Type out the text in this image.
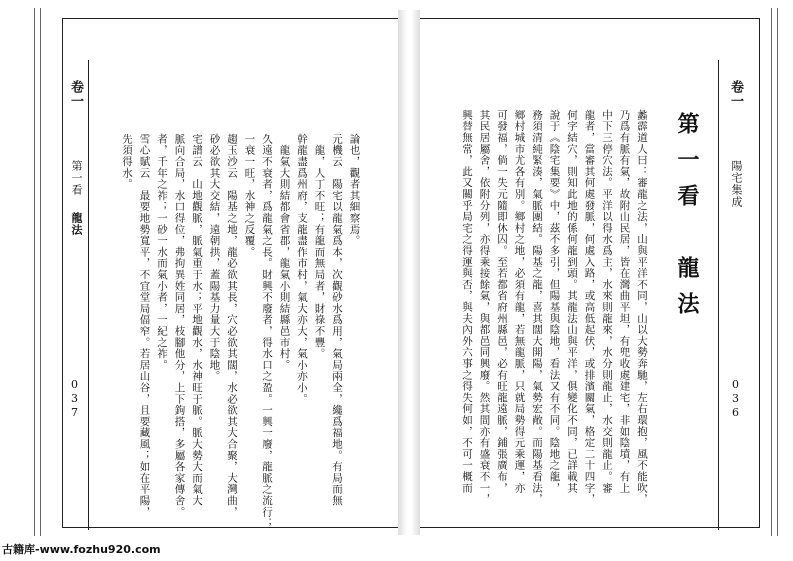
卷一
陽宅集成
036
第一看　龍法

蠡霹道人曰：審龍之法，山與平洋不同，山以大勢奔馳，左右環抱，風不能吹，
乃爲有脈有氣，故附山民居，皆在灣曲平坦，有兜收處建宅，非如陰墳，有上
中下三停穴法。平洋以得水爲主，水來則龍來，水分則龍止，水交則龍止。審
龍者，當審其何處發脈，何處入路，或高低起伏，或排濱關氣，格定二十四字，
何字結穴，則知此地的係何龍到頭。其龍法山與平洋，俱變化不同，已詳載其
說于《陰宅集要》中，茲不多引，但陽基與陰地，看法又有不同。陰地之龍，
務須清純緊湊，氣脈團結。陽基之龍，喜其闊大開陽，氣勢宏敞。而陽基看法，
鄉村城市尤各有別。鄉村之地，必須有龍，若無龍脈，只就局勢得元乘運，亦
可發福，倘一失元隨即休囚。至若都省府州縣邑，必有旺龍遠脈，鋪張廣布，
其民居屬舍，依附分列，亦得乘接餘氣，與都邑同興廢。然其間亦有盛衰不一，
興替無常，此又關乎局宅之得運與否，與夫內外六事之得失何如，不可一概而

卷一
第一看
龍法
037

論也，觀者其細察焉。
元機云　陽宅以龍氣爲本，次觀砂水爲用，氣局兩全，纔爲福地。有局而無
　龍，人丁不旺；有龍而無局者，財祿不豐。
幹龍盡爲州府，支龍盡作市村，氣大亦大，氣小亦小。
　龍氣大則結都會省郡，龍氣小則結縣邑市村。
久遠不衰者，爲龍氣之長。財興不廢者，得水口之盈。一興一廢，龍脈之流行；
一衰一旺，水神之反覆。
趨玉沙云　陽基之地，龍必欲其長，穴必欲其闊，水必欲其大合聚，大灣曲，
砂必欲其大交結，遠朝拱，蓋陽基力量大于陰地。
宅譜云　山地觀脈，脈氣重于水；平地觀水，水神旺于脈。脈大勢大而氣大
脈向合局，水口得位，弗拘異姓同居，枝腳他分，上下鉤搭，多屬各家傳舍。
者，千年之祚；一砂一水而氣小者，一紀之祚。
雪心賦云　最要地勢寬平，不宜堂局偪窄。若居山谷，且要藏風；如在平陽，
先須得水。

古籍库-www.fozhu920.com
